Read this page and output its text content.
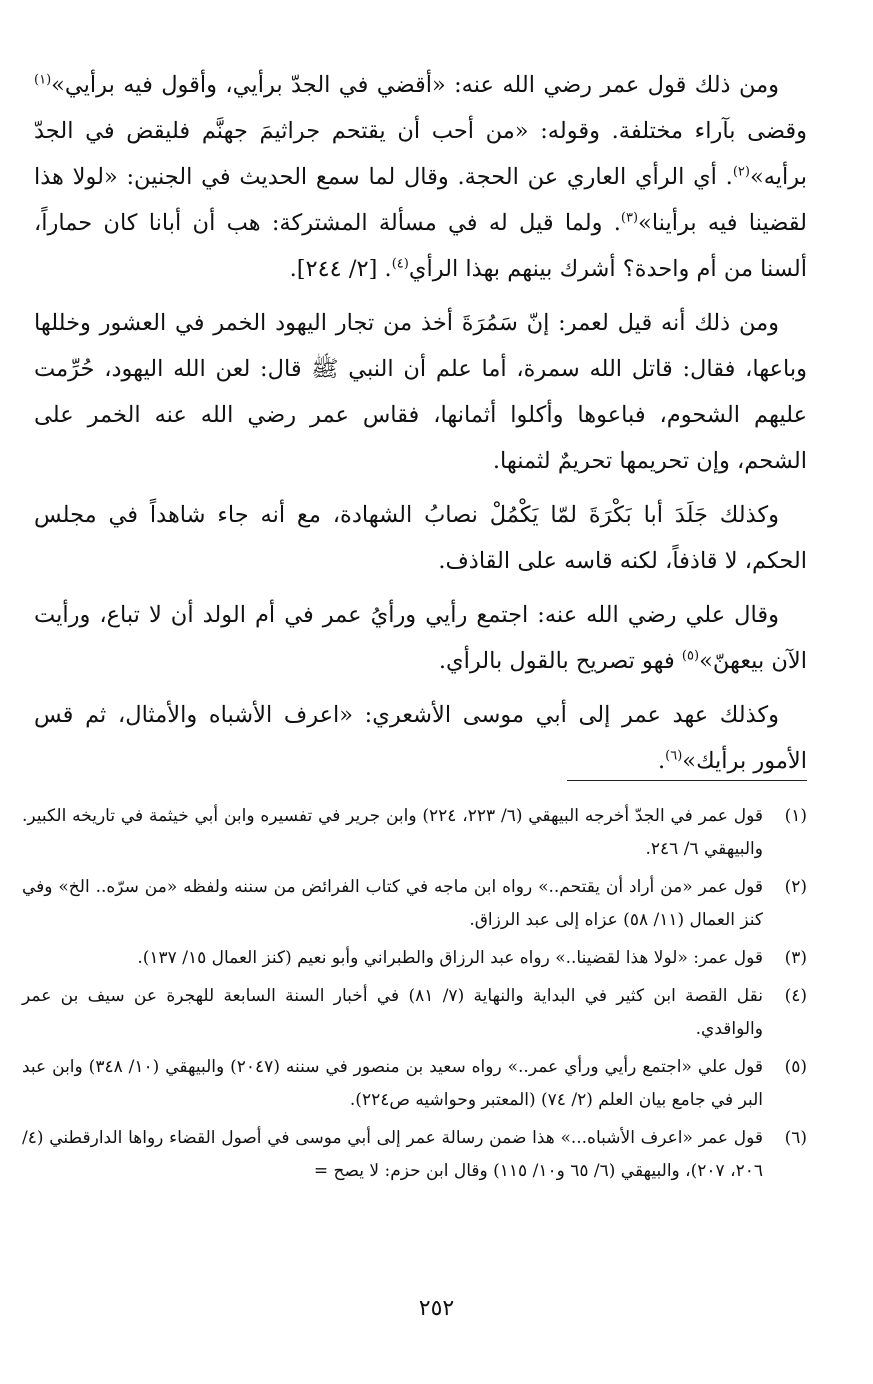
ومن ذلك قول عمر رضي الله عنه: «أقضي في الجدّ برأيي، وأقول فيه برأيي»$^{(١)}$ وقضى بآراء مختلفة. وقوله: «من أحب أن يقتحم جراثيمَ جهنَّم فليقض في الجدّ برأيه»$^{(٢)}$. أي الرأي العاري عن الحجة. وقال لما سمع الحديث في الجنين: «لولا هذا لقضينا فيه برأينا»$^{(٣)}$. ولما قيل له في مسألة المشتركة: هب أن أبانا كان حماراً، ألسنا من أم واحدة؟ أشرك بينهم بهذا الرأي$^{(٤)}$. [٢/ ٢٤٤].

ومن ذلك أنه قيل لعمر: إنّ سَمُرَةَ أخذ من تجار اليهود الخمر في العشور وخللها وباعها، فقال: قاتل الله سمرة، أما علم أن النبي ﷺ قال: لعن الله اليهود، حُرِّمت عليهم الشحوم، فباعوها وأكلوا أثمانها، فقاس عمر رضي الله عنه الخمر على الشحم، وإن تحريمها تحريمٌ لثمنها.

وكذلك جَلَدَ أبا بَكْرَةَ لمّا يَكْمُلْ نصابُ الشهادة، مع أنه جاء شاهداً في مجلس الحكم، لا قاذفاً، لكنه قاسه على القاذف.

وقال علي رضي الله عنه: اجتمع رأيي ورأيُ عمر في أم الولد أن لا تباع، ورأيت الآن بيعهنّ»$^{(٥)}$ فهو تصريح بالقول بالرأي.

وكذلك عهد عمر إلى أبي موسى الأشعري: «اعرف الأشباه والأمثال، ثم قس الأمور برأيك»$^{(٦)}$.

(١)
قول عمر في الجدّ أخرجه البيهقي (٦/ ٢٢٣، ٢٢٤) وابن جرير في تفسيره وابن أبي خيثمة في تاريخه الكبير. والبيهقي ٦/ ٢٤٦.
(٢)
قول عمر «من أراد أن يقتحم..» رواه ابن ماجه في كتاب الفرائض من سننه ولفظه «من سرّه.. الخ» وفي كنز العمال (١١/ ٥٨) عزاه إلى عبد الرزاق.
(٣)
قول عمر: «لولا هذا لقضينا..» رواه عبد الرزاق والطبراني وأبو نعيم (كنز العمال ١٥/ ١٣٧).
(٤)
نقل القصة ابن كثير في البداية والنهاية (٧/ ٨١) في أخبار السنة السابعة للهجرة عن سيف بن عمر والواقدي.
(٥)
قول علي «اجتمع رأيي ورأي عمر..» رواه سعيد بن منصور في سننه (٢٠٤٧) والبيهقي (١٠/ ٣٤٨) وابن عبد البر في جامع بيان العلم (٢/ ٧٤) (المعتبر وحواشيه ص٢٢٤).
(٦)
قول عمر «اعرف الأشباه...» هذا ضمن رسالة عمر إلى أبي موسى في أصول القضاء رواها الدارقطني (٤/ ٢٠٦، ٢٠٧)، والبيهقي (٦/ ٦٥ و١٠/ ١١٥) وقال ابن حزم: لا يصح =
٢٥٢
